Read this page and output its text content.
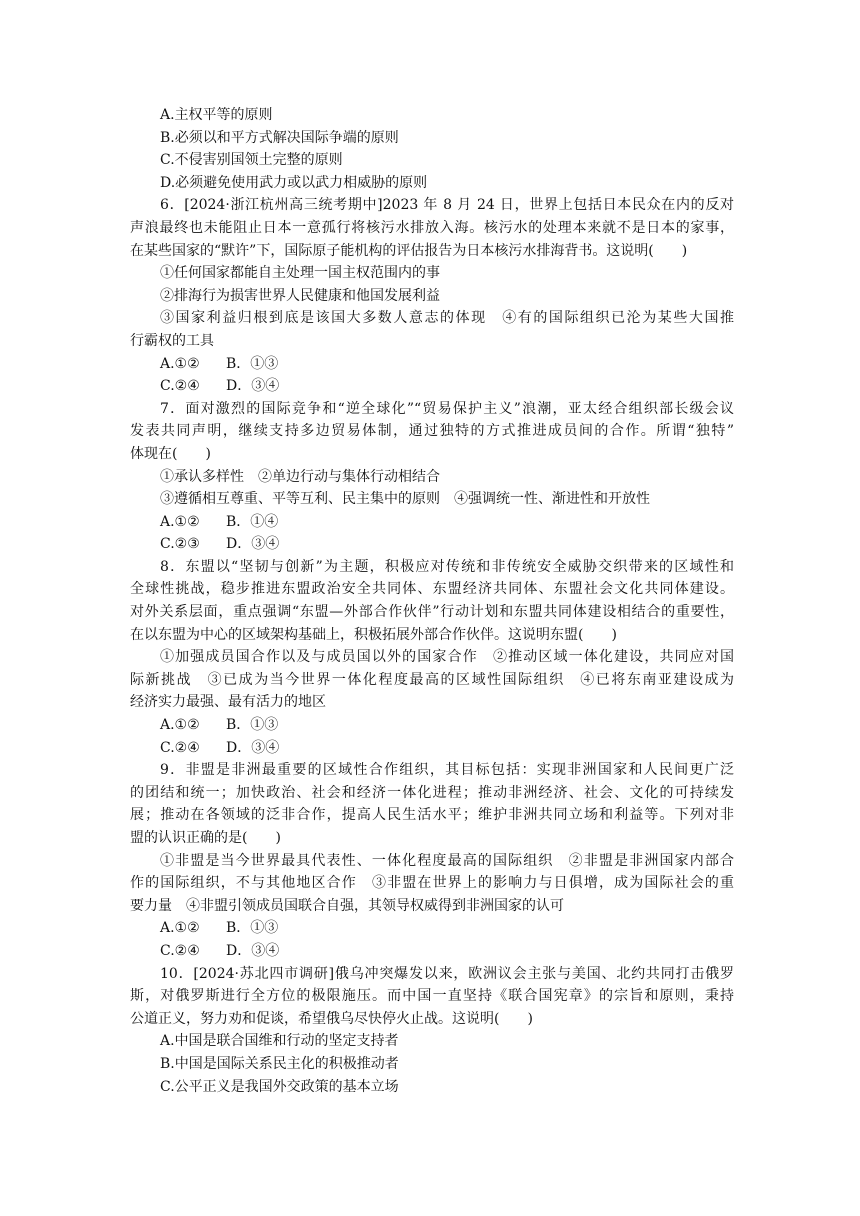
A.主权平等的原则
B.必须以和平方式解决国际争端的原则
C.不侵害别国领土完整的原则
D.必须避免使用武力或以武力相威胁的原则
6．[2024·浙江杭州高三统考期中]2023 年 8 月 24 日，世界上包括日本民众在内的反对
声浪最终也未能阻止日本一意孤行将核污水排放入海。核污水的处理本来就不是日本的家事，
在某些国家的“默许”下，国际原子能机构的评估报告为日本核污水排海背书。这说明(　　)
①任何国家都能自主处理一国主权范围内的事
②排海行为损害世界人民健康和他国发展利益
③国家利益归根到底是该国大多数人意志的体现　④有的国际组织已沦为某些大国推
行霸权的工具
A.①②	B．①③
C.②④	D．③④
7．面对激烈的国际竞争和“逆全球化”“贸易保护主义”浪潮，亚太经合组织部长级会议
发表共同声明，继续支持多边贸易体制，通过独特的方式推进成员间的合作。所谓“独特”
体现在(　　)
①承认多样性　②单边行动与集体行动相结合
③遵循相互尊重、平等互利、民主集中的原则　④强调统一性、渐进性和开放性
A.①②	B．①④
C.②③	D．③④
8．东盟以“坚韧与创新”为主题，积极应对传统和非传统安全威胁交织带来的区域性和
全球性挑战，稳步推进东盟政治安全共同体、东盟经济共同体、东盟社会文化共同体建设。
对外关系层面，重点强调“东盟—外部合作伙伴”行动计划和东盟共同体建设相结合的重要性，
在以东盟为中心的区域架构基础上，积极拓展外部合作伙伴。这说明东盟(　　)
①加强成员国合作以及与成员国以外的国家合作　②推动区域一体化建设，共同应对国
际新挑战　③已成为当今世界一体化程度最高的区域性国际组织　④已将东南亚建设成为
经济实力最强、最有活力的地区
A.①②	B．①③
C.②④	D．③④
9．非盟是非洲最重要的区域性合作组织，其目标包括：实现非洲国家和人民间更广泛
的团结和统一；加快政治、社会和经济一体化进程；推动非洲经济、社会、文化的可持续发
展；推动在各领域的泛非合作，提高人民生活水平；维护非洲共同立场和利益等。下列对非
盟的认识正确的是(　　)
①非盟是当今世界最具代表性、一体化程度最高的国际组织　②非盟是非洲国家内部合
作的国际组织，不与其他地区合作　③非盟在世界上的影响力与日俱增，成为国际社会的重
要力量　④非盟引领成员国联合自强，其领导权威得到非洲国家的认可
A.①②	B．①③
C.②④	D．③④
10．[2024·苏北四市调研]俄乌冲突爆发以来，欧洲议会主张与美国、北约共同打击俄罗
斯，对俄罗斯进行全方位的极限施压。而中国一直坚持《联合国宪章》的宗旨和原则，秉持
公道正义，努力劝和促谈，希望俄乌尽快停火止战。这说明(　　)
A.中国是联合国维和行动的坚定支持者
B.中国是国际关系民主化的积极推动者
C.公平正义是我国外交政策的基本立场
